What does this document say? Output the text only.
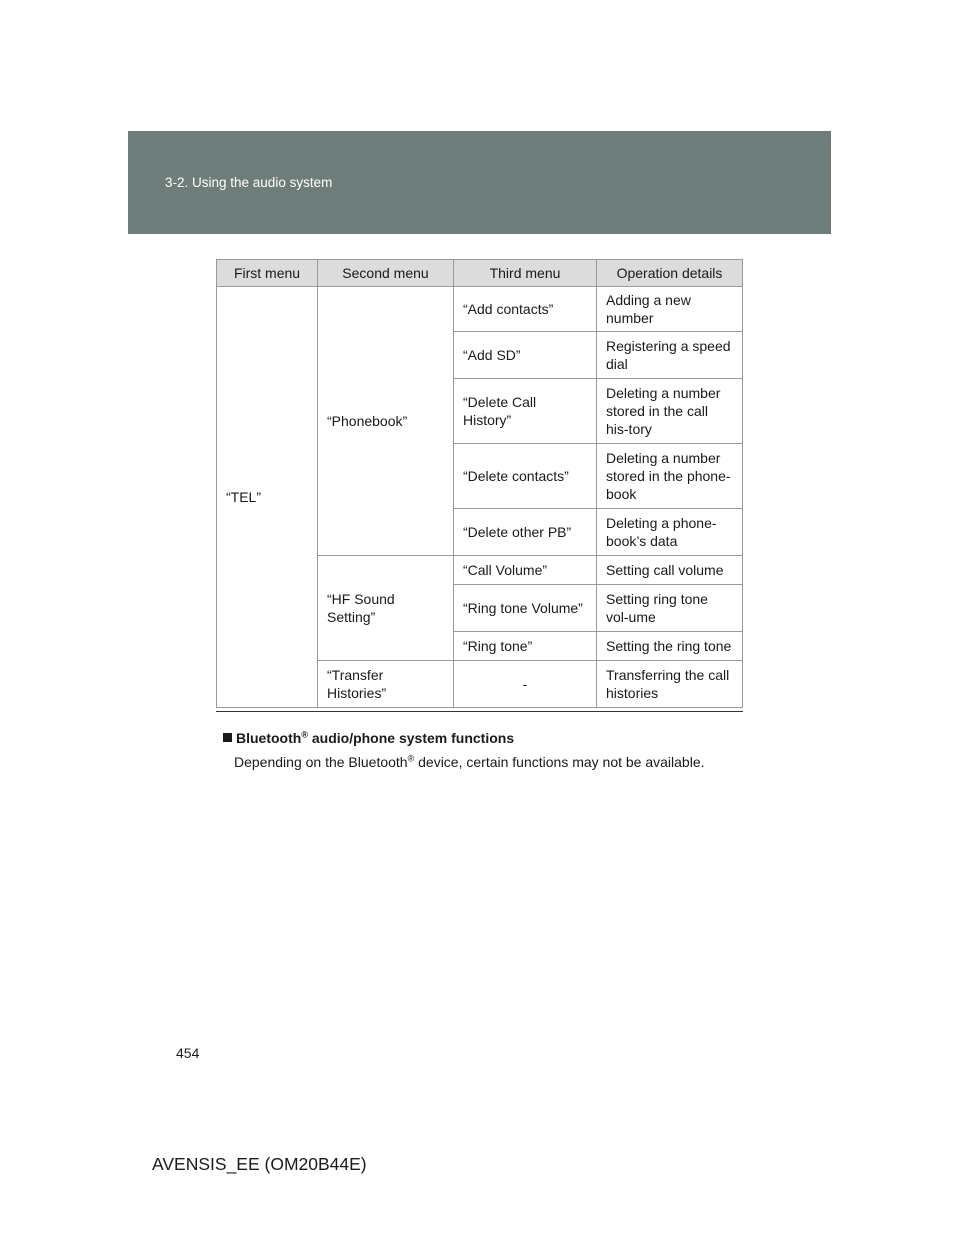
3-2. Using the audio system
First menu	Second menu	Third menu	Operation details
“TEL”	“Phonebook”	“Add contacts”	Adding a new number
		“Add SD”	Registering a speed dial
		“Delete Call History”	Deleting a number stored in the call his-tory
		“Delete contacts”	Deleting a number stored in the phone-book
		“Delete other PB”	Deleting a phone-book’s data
	“HF Sound Setting”	“Call Volume”	Setting call volume
		“Ring tone Volume”	Setting ring tone vol-ume
		“Ring tone”	Setting the ring tone
	“Transfer Histories”	-	Transferring the call histories
Bluetooth® audio/phone system functions
Depending on the Bluetooth® device, certain functions may not be available.
454
AVENSIS_EE (OM20B44E)
